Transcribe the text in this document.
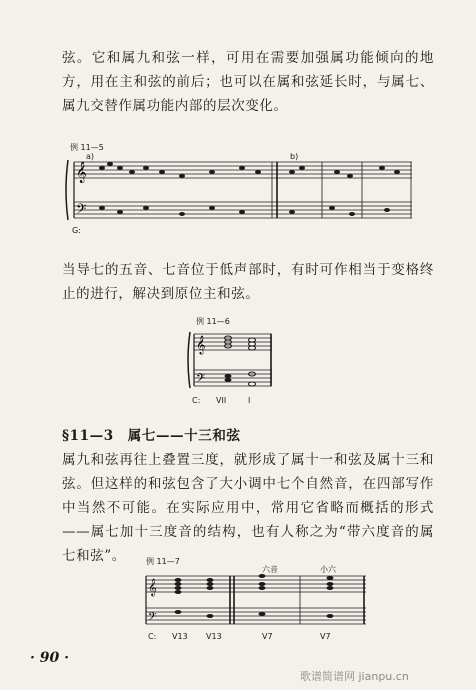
弦。它和属九和弦一样，可用在需要加强属功能倾向的地方，用在主和弦的前后；也可以在属和弦延长时，与属七、属九交替作属功能内部的层次变化。
例 11—5
a)	b)
G:
𝄞
𝄢
当导七的五音、七音位于低声部时，有时可作相当于变格终止的进行，解决到原位主和弦。
例 11—6
C: VII	I
𝄞
𝄢
§11—3 属七——十三和弦
属九和弦再往上叠置三度，就形成了属十一和弦及属十三和弦。但这样的和弦包含了大小调中七个自然音，在四部写作中当然不可能。在实际应用中，常用它省略而概括的形式——属七加十三度音的结构，也有人称之为“带六度音的属七和弦”。	例 11—7
六音	小六
C: V13 V13	V7	V7
𝄞
𝄢
· 90 ·
歌谱简谱网 jianpu.cn
